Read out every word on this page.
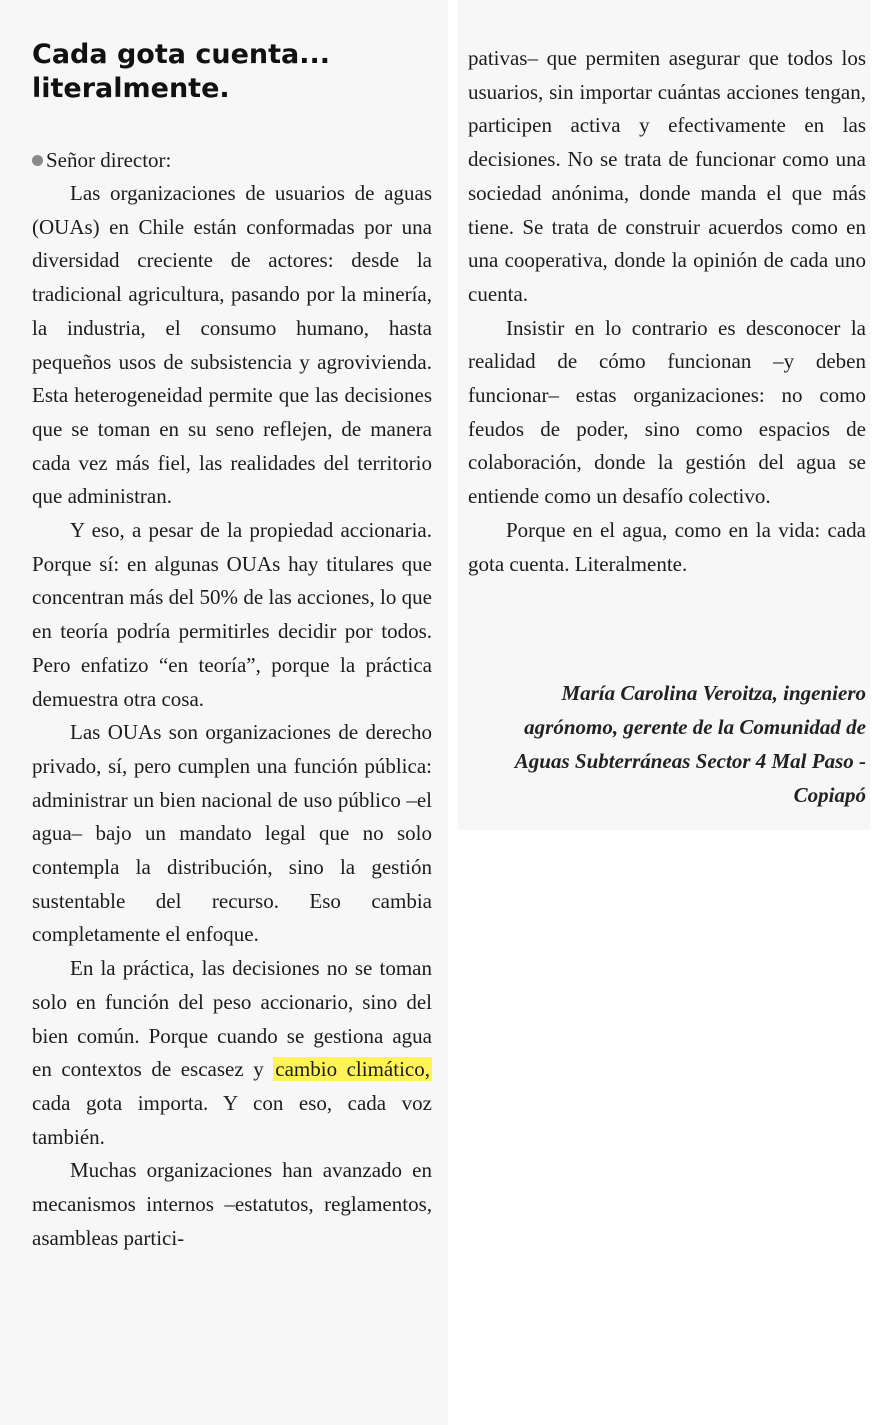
Cada gota cuenta... literalmente.

Señor director:

Las organizaciones de usuarios de aguas (OUAs) en Chile están conformadas por una diversidad creciente de actores: desde la tradicional agricultura, pasando por la minería, la industria, el consumo humano, hasta pequeños usos de subsistencia y agrovivienda. Esta heterogeneidad permite que las decisiones que se toman en su seno reflejen, de manera cada vez más fiel, las realidades del territorio que administran.

Y eso, a pesar de la propiedad accionaria. Porque sí: en algunas OUAs hay titulares que concentran más del 50% de las acciones, lo que en teoría podría permitirles decidir por todos. Pero enfatizo “en teoría”, porque la práctica demuestra otra cosa.

Las OUAs son organizaciones de derecho privado, sí, pero cumplen una función pública: administrar un bien nacional de uso público –el agua– bajo un mandato legal que no solo contempla la distribución, sino la gestión sustentable del recurso. Eso cambia completamente el enfoque.

En la práctica, las decisiones no se toman solo en función del peso accionario, sino del bien común. Porque cuando se gestiona agua en contextos de escasez y cambio climático, cada gota importa. Y con eso, cada voz también.

Muchas organizaciones han avanzado en mecanismos internos –estatutos, reglamentos, asambleas partici-

pativas– que permiten asegurar que todos los usuarios, sin importar cuántas acciones tengan, participen activa y efectivamente en las decisiones. No se trata de funcionar como una sociedad anónima, donde manda el que más tiene. Se trata de construir acuerdos como en una cooperativa, donde la opinión de cada uno cuenta.

Insistir en lo contrario es desconocer la realidad de cómo funcionan –y deben funcionar– estas organizaciones: no como feudos de poder, sino como espacios de colaboración, donde la gestión del agua se entiende como un desafío colectivo.

Porque en el agua, como en la vida: cada gota cuenta. Literalmente.

María Carolina Veroitza, ingeniero agrónomo, gerente de la Comunidad de Aguas Subterráneas Sector 4 Mal Paso - Copiapó
